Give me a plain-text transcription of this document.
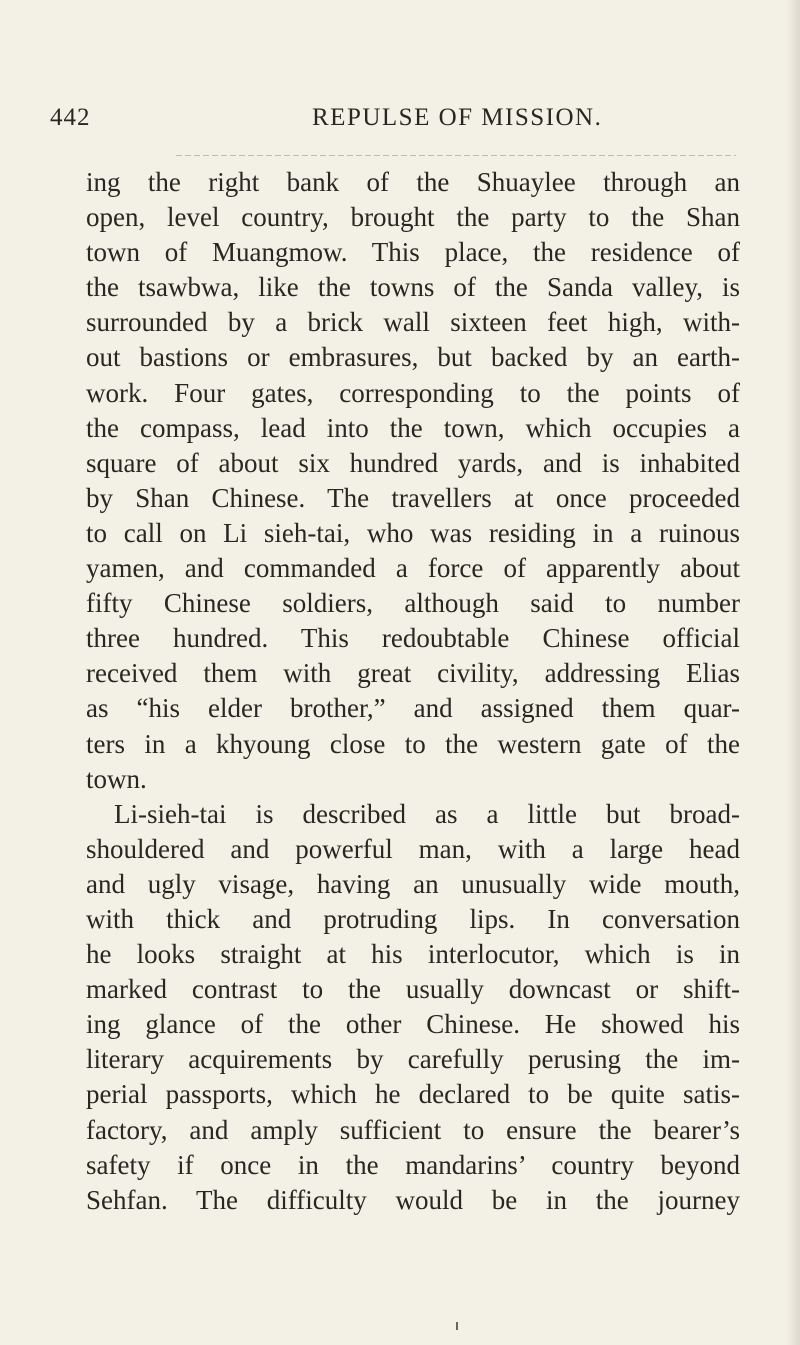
442	REPULSE OF MISSION.
ing the right bank of the Shuaylee through an
open, level country, brought the party to the Shan
town of Muangmow. This place, the residence of
the tsawbwa, like the towns of the Sanda valley, is
surrounded by a brick wall sixteen feet high, with-
out bastions or embrasures, but backed by an earth-
work. Four gates, corresponding to the points of
the compass, lead into the town, which occupies a
square of about six hundred yards, and is inhabited
by Shan Chinese. The travellers at once proceeded
to call on Li sieh-tai, who was residing in a ruinous
yamen, and commanded a force of apparently about
fifty Chinese soldiers, although said to number
three hundred. This redoubtable Chinese official
received them with great civility, addressing Elias
as “his elder brother,” and assigned them quar-
ters in a khyoung close to the western gate of the
town.
Li-sieh-tai is described as a little but broad-
shouldered and powerful man, with a large head
and ugly visage, having an unusually wide mouth,
with thick and protruding lips. In conversation
he looks straight at his interlocutor, which is in
marked contrast to the usually downcast or shift-
ing glance of the other Chinese. He showed his
literary acquirements by carefully perusing the im-
perial passports, which he declared to be quite satis-
factory, and amply sufficient to ensure the bearer’s
safety if once in the mandarins’ country beyond
Sehfan. The difficulty would be in the journey
